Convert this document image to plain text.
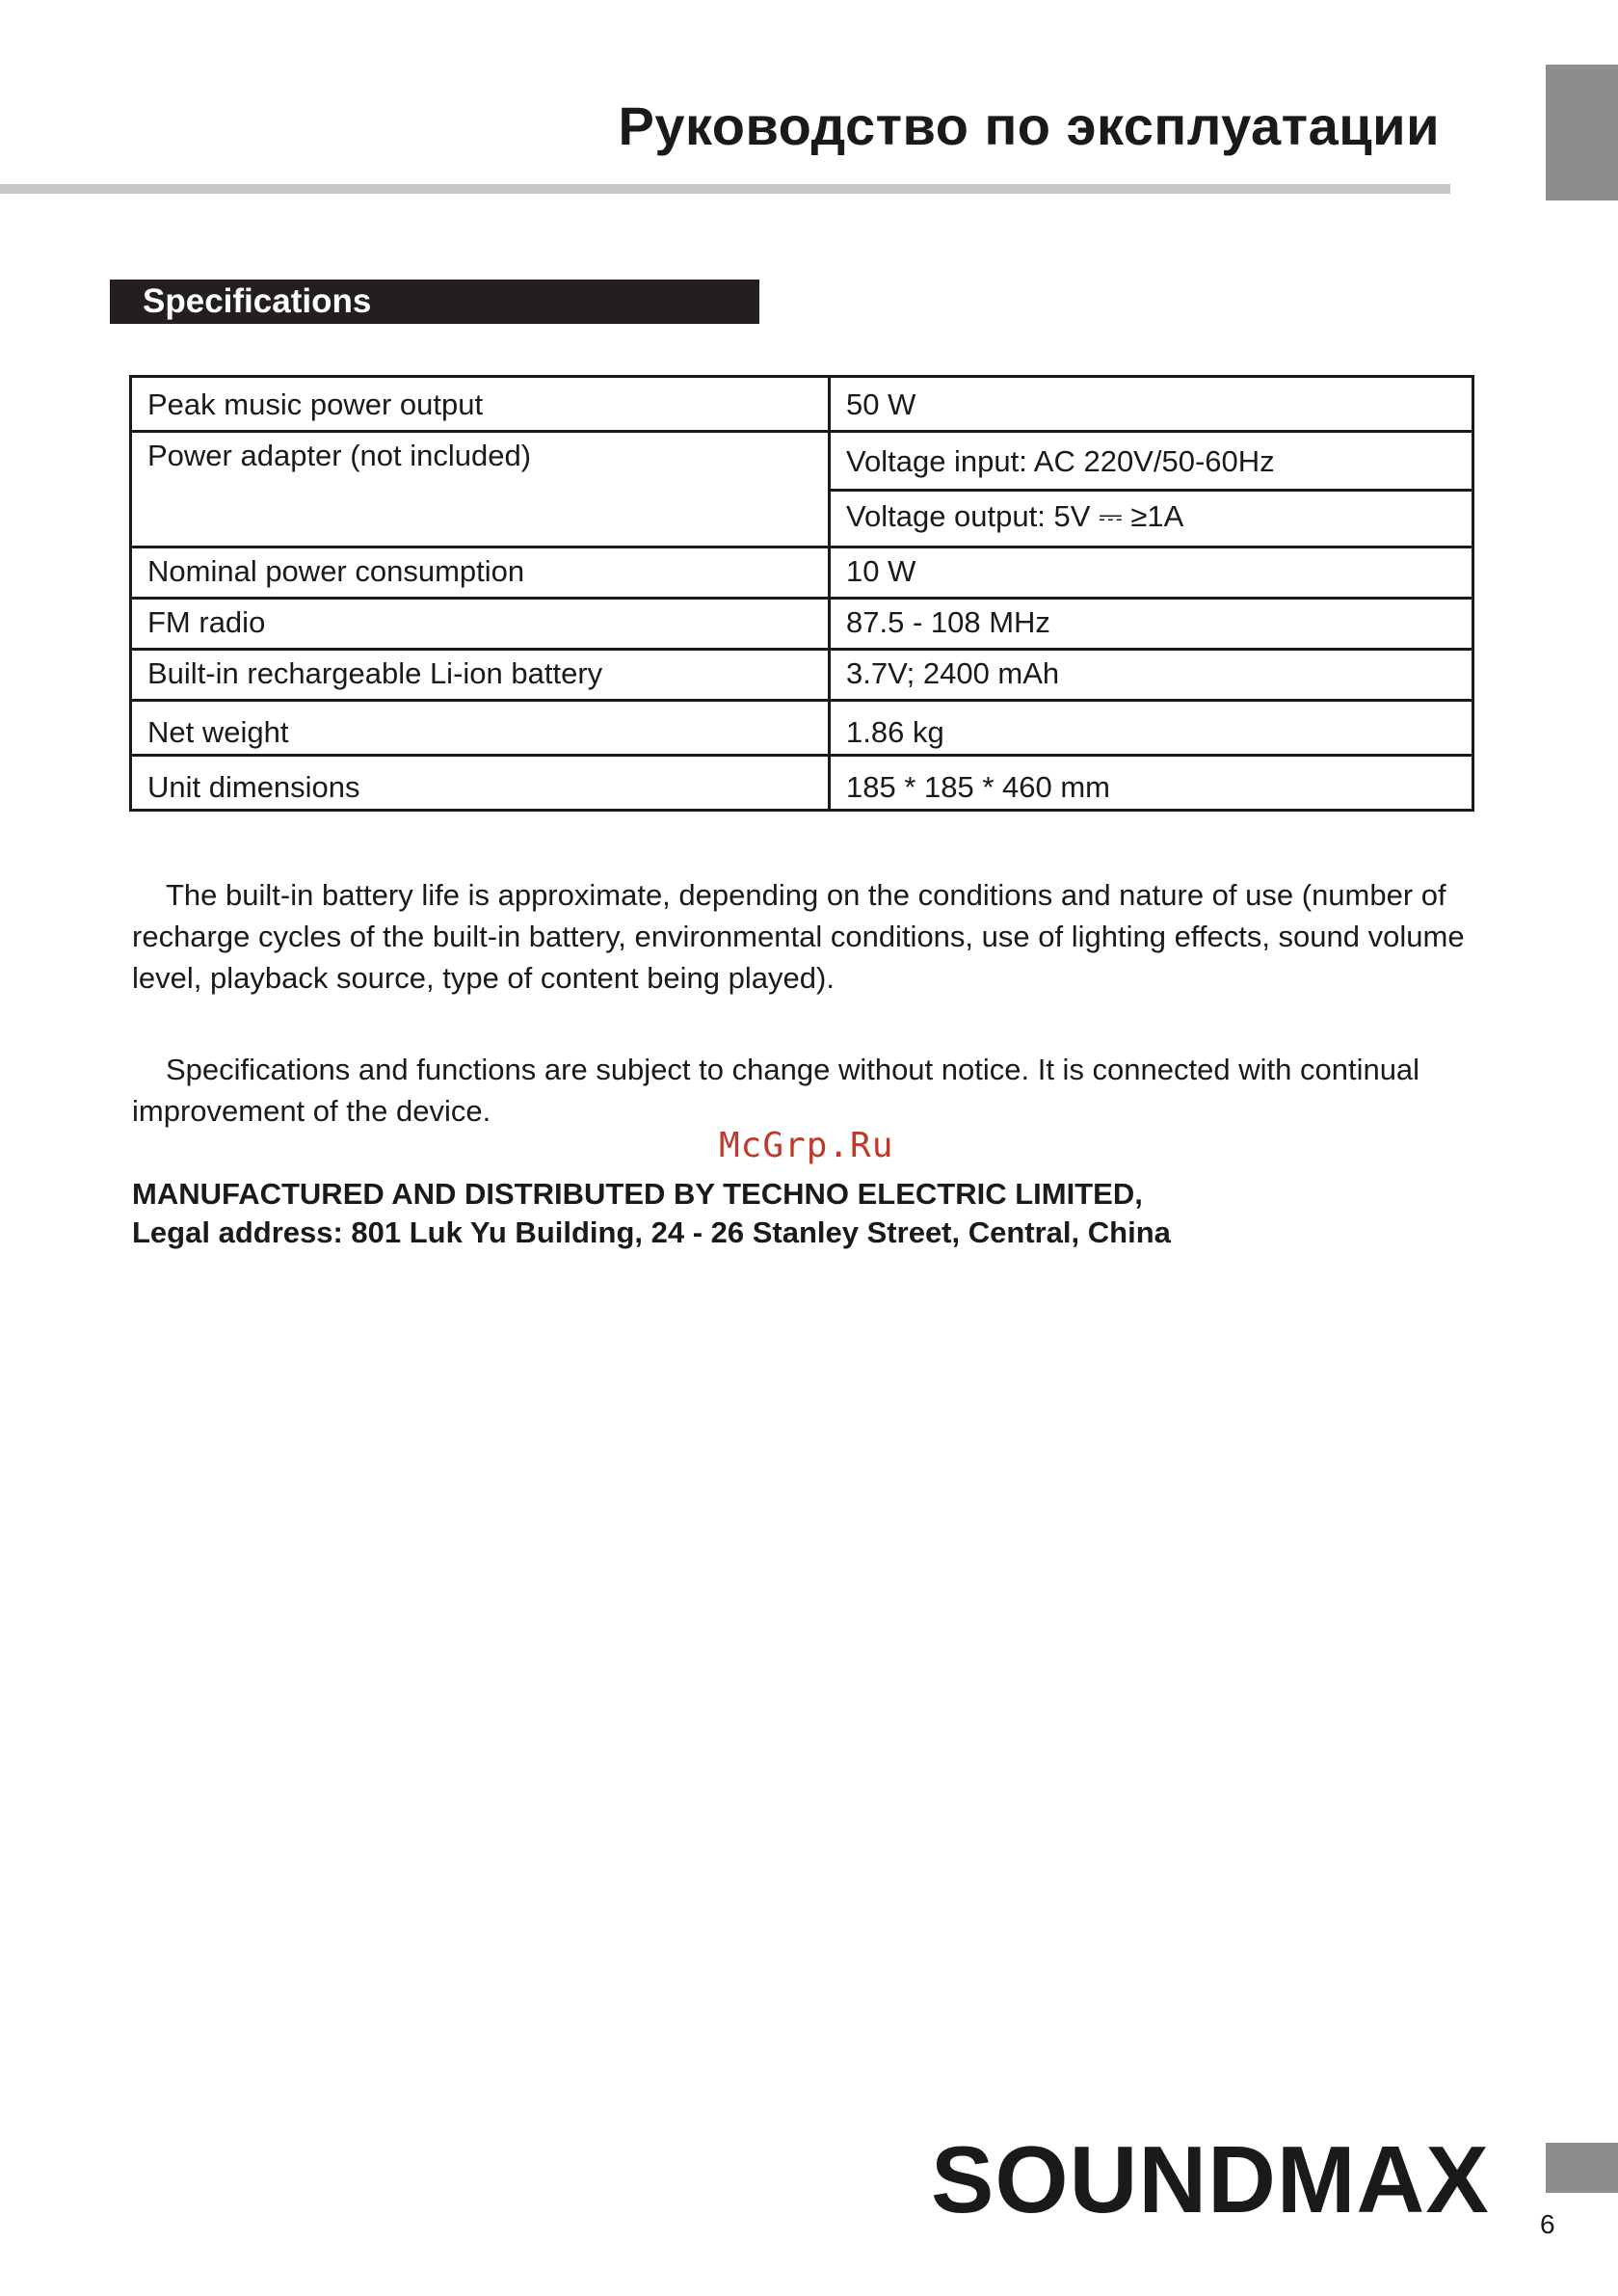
Руководство по эксплуатации
Specifications
Peak music power output	50 W
Power adapter (not included)	Voltage input: AC 220V/50-60Hz
	Voltage output: 5V ⎓ ≥1A
Nominal power consumption	10 W
FM radio	87.5 - 108 MHz
Built-in rechargeable Li-ion battery	3.7V; 2400 mAh
Net weight	1.86 kg
Unit dimensions	185 * 185 * 460 mm
The built-in battery life is approximate, depending on the conditions and nature of use (number of recharge cycles of the built-in battery, environmental conditions, use of lighting effects, sound volume level, playback source, type of content being played).
Specifications and functions are subject to change without notice. It is connected with continual improvement of the device.
McGrp.Ru
MANUFACTURED AND DISTRIBUTED BY TECHNO ELECTRIC LIMITED,
Legal address: 801 Luk Yu Building, 24 - 26 Stanley Street, Central, China
SOUNDMAX 6
